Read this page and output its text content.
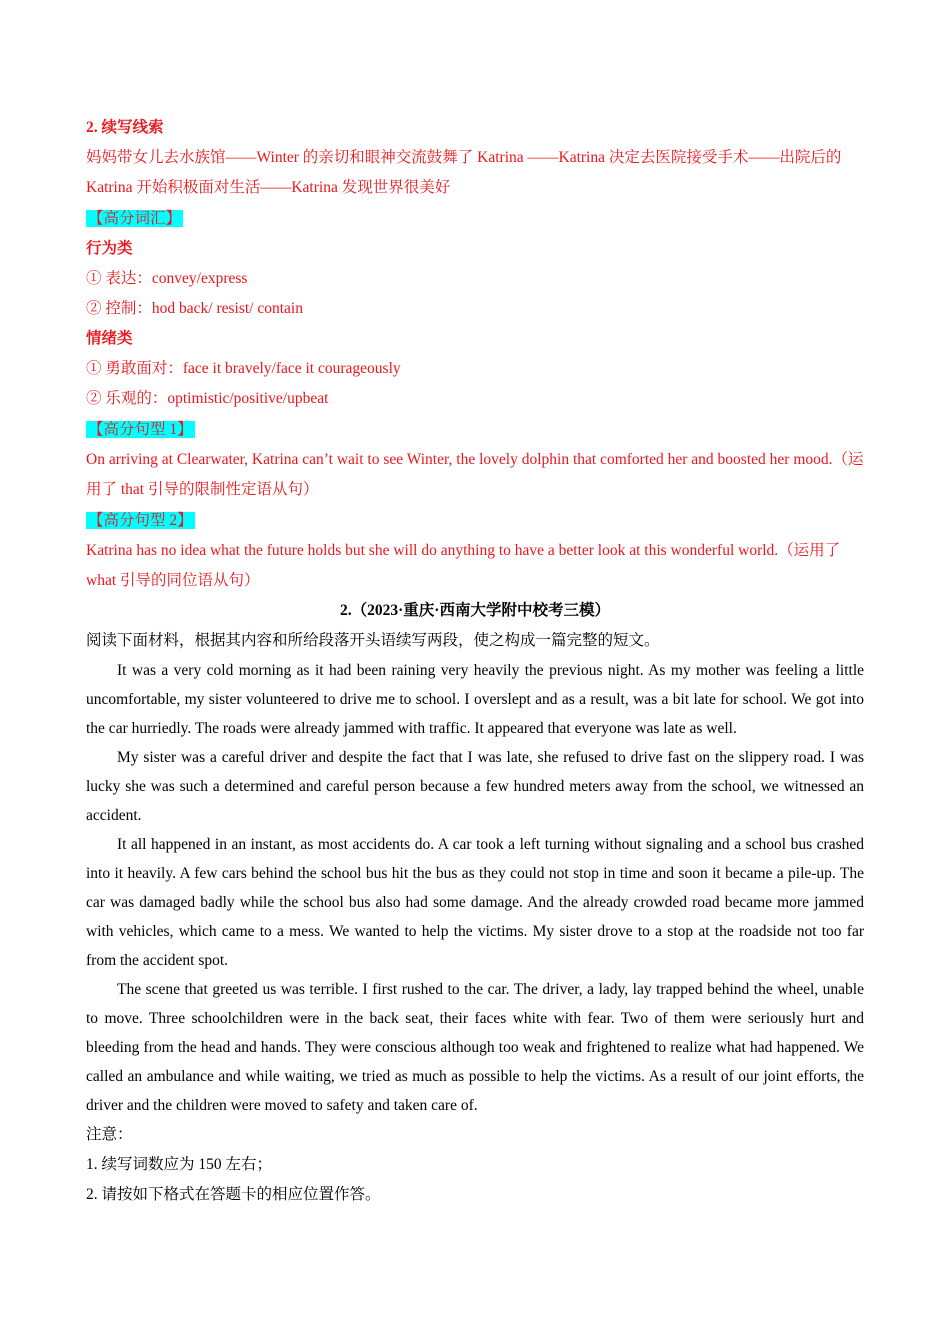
2. 续写线索

妈妈带女儿去水族馆——Winter 的亲切和眼神交流鼓舞了 Katrina ——Katrina 决定去医院接受手术——出院后的 Katrina 开始积极面对生活——Katrina 发现世界很美好

【高分词汇】

行为类

① 表达：convey/express

② 控制：hod back/ resist/ contain

情绪类

① 勇敢面对：face it bravely/face it courageously

② 乐观的：optimistic/positive/upbeat

【高分句型 1】

On arriving at Clearwater, Katrina can’t wait to see Winter, the lovely dolphin that comforted her and boosted her mood.（运用了 that 引导的限制性定语从句）

【高分句型 2】

Katrina has no idea what the future holds but she will do anything to have a better look at this wonderful world.（运用了 what 引导的同位语从句）

2.（2023·重庆·西南大学附中校考三模）

阅读下面材料，根据其内容和所给段落开头语续写两段，使之构成一篇完整的短文。

It was a very cold morning as it had been raining very heavily the previous night. As my mother was feeling a little uncomfortable, my sister volunteered to drive me to school. I overslept and as a result, was a bit late for school. We got into the car hurriedly. The roads were already jammed with traffic. It appeared that everyone was late as well.

My sister was a careful driver and despite the fact that I was late, she refused to drive fast on the slippery road. I was lucky she was such a determined and careful person because a few hundred meters away from the school, we witnessed an accident.

It all happened in an instant, as most accidents do. A car took a left turning without signaling and a school bus crashed into it heavily. A few cars behind the school bus hit the bus as they could not stop in time and soon it became a pile-up. The car was damaged badly while the school bus also had some damage. And the already crowded road became more jammed with vehicles, which came to a mess. We wanted to help the victims. My sister drove to a stop at the roadside not too far from the accident spot.

The scene that greeted us was terrible. I first rushed to the car. The driver, a lady, lay trapped behind the wheel, unable to move. Three schoolchildren were in the back seat, their faces white with fear. Two of them were seriously hurt and bleeding from the head and hands. They were conscious although too weak and frightened to realize what had happened. We called an ambulance and while waiting, we tried as much as possible to help the victims. As a result of our joint efforts, the driver and the children were moved to safety and taken care of.

注意：

1. 续写词数应为 150 左右；

2. 请按如下格式在答题卡的相应位置作答。
